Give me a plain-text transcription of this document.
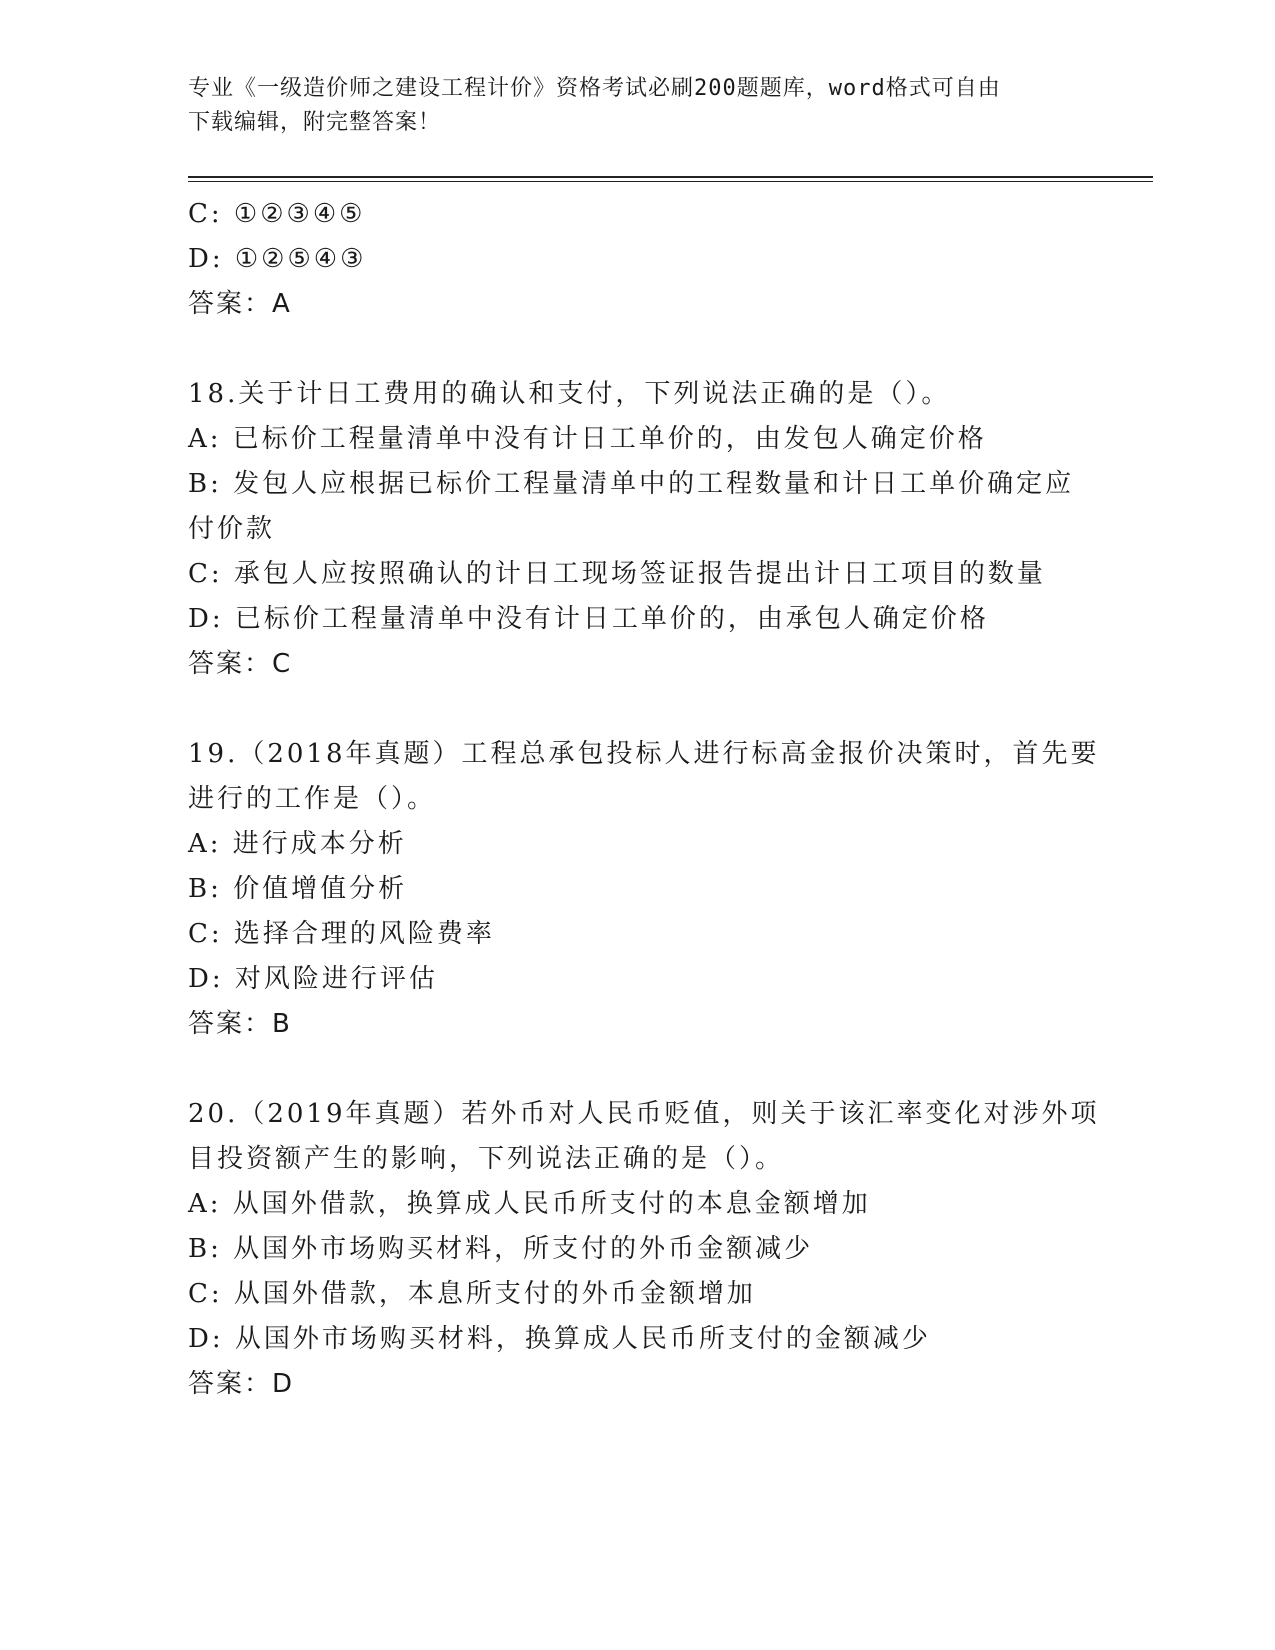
专业《一级造价师之建设工程计价》资格考试必刷200题题库，word格式可自由
下载编辑，附完整答案！
C: ①②③④⑤
D: ①②⑤④③
答案：A
18.关于计日工费用的确认和支付，下列说法正确的是（）。
A: 已标价工程量清单中没有计日工单价的，由发包人确定价格
B: 发包人应根据已标价工程量清单中的工程数量和计日工单价确定应
付价款
C: 承包人应按照确认的计日工现场签证报告提出计日工项目的数量
D: 已标价工程量清单中没有计日工单价的，由承包人确定价格
答案：C
19.（2018年真题）工程总承包投标人进行标高金报价决策时，首先要
进行的工作是（）。
A: 进行成本分析
B: 价值增值分析
C: 选择合理的风险费率
D: 对风险进行评估
答案：B
20.（2019年真题）若外币对人民币贬值，则关于该汇率变化对涉外项
目投资额产生的影响，下列说法正确的是（）。
A: 从国外借款，换算成人民币所支付的本息金额增加
B: 从国外市场购买材料，所支付的外币金额减少
C: 从国外借款，本息所支付的外币金额增加
D: 从国外市场购买材料，换算成人民币所支付的金额减少
答案：D
